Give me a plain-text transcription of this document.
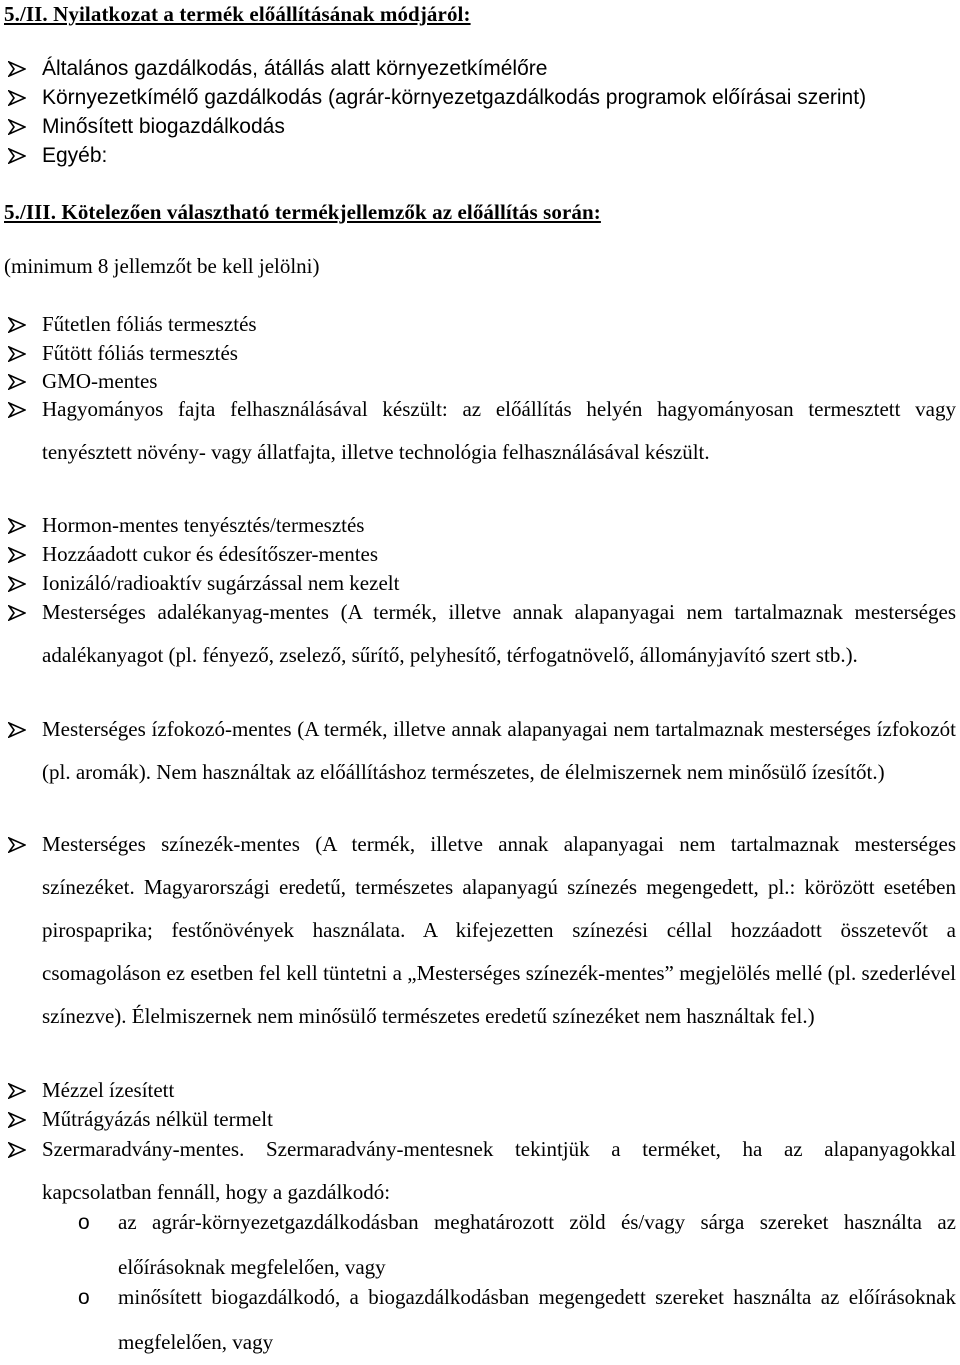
5./II. Nyilatkozat a termék előállításának módjáról:
Általános gazdálkodás, átállás alatt környezetkímélőre
Környezetkímélő gazdálkodás (agrár-környezetgazdálkodás programok előírásai szerint)
Minősített biogazdálkodás
Egyéb:
5./III. Kötelezően választható termékjellemzők az előállítás során:
(minimum 8 jellemzőt be kell jelölni)
Fűtetlen fóliás termesztés
Fűtött fóliás termesztés
GMO-mentes
Hagyományos fajta felhasználásával készült: az előállítás helyén hagyományosan termesztett vagy tenyésztett növény- vagy állatfajta, illetve technológia felhasználásával készült.
Hormon-mentes tenyésztés/termesztés
Hozzáadott cukor és édesítőszer-mentes
Ionizáló/radioaktív sugárzással nem kezelt
Mesterséges adalékanyag-mentes (A termék, illetve annak alapanyagai nem tartalmaznak mesterséges adalékanyagot (pl. fényező, zselező, sűrítő, pelyhesítő, térfogatnövelő, állományjavító szert stb.).
Mesterséges ízfokozó-mentes (A termék, illetve annak alapanyagai nem tartalmaznak mesterséges ízfokozót (pl. aromák). Nem használtak az előállításhoz természetes, de élelmiszernek nem minősülő ízesítőt.)
Mesterséges színezék-mentes (A termék, illetve annak alapanyagai nem tartalmaznak mesterséges színezéket. Magyarországi eredetű, természetes alapanyagú színezés megengedett, pl.: körözött esetében pirospaprika; festőnövények használata. A kifejezetten színezési céllal hozzáadott összetevőt a csomagoláson ez esetben fel kell tüntetni a „Mesterséges színezék-mentes” megjelölés mellé (pl. szederlével színezve). Élelmiszernek nem minősülő természetes eredetű színezéket nem használtak fel.)
Mézzel ízesített
Műtrágyázás nélkül termelt
Szermaradvány-mentes. Szermaradvány-mentesnek tekintjük a terméket, ha az alapanyagokkal kapcsolatban fennáll, hogy a gazdálkodó:
o az agrár-környezetgazdálkodásban meghatározott zöld és/vagy sárga szereket használta az előírásoknak megfelelően, vagy
o minősített biogazdálkodó, a biogazdálkodásban megengedett szereket használta az előírásoknak megfelelően, vagy
